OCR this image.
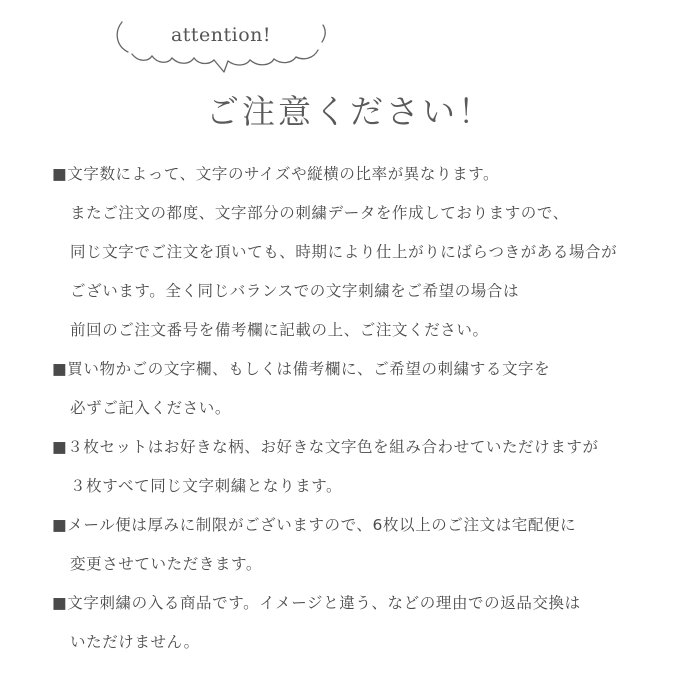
attention!
ご注意ください！
■文字数によって、文字のサイズや縦横の比率が異なります。
またご注文の都度、文字部分の刺繍データを作成しておりますので、
同じ文字でご注文を頂いても、時期により仕上がりにばらつきがある場合が
ございます。全く同じバランスでの文字刺繍をご希望の場合は
前回のご注文番号を備考欄に記載の上、ご注文ください。
■買い物かごの文字欄、もしくは備考欄に、ご希望の刺繍する文字を
必ずご記入ください。
■３枚セットはお好きな柄、お好きな文字色を組み合わせていただけますが
３枚すべて同じ文字刺繍となります。
■メール便は厚みに制限がございますので、6枚以上のご注文は宅配便に
変更させていただきます。
■文字刺繍の入る商品です。イメージと違う、などの理由での返品交換は
いただけません。
